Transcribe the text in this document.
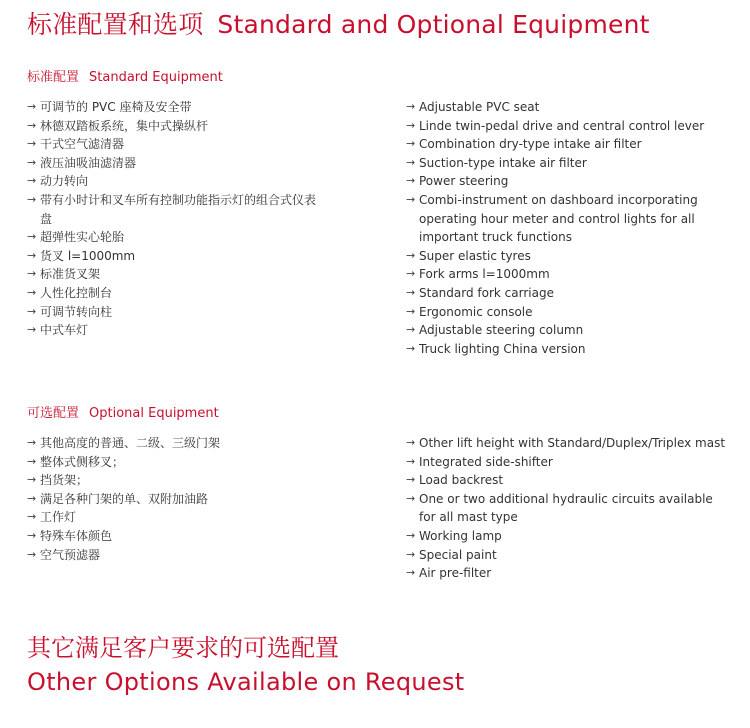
标准配置和选项 Standard and Optional Equipment
标准配置 Standard Equipment
→ 可调节的 PVC 座椅及安全带
→ 林德双踏板系统，集中式操纵杆
→ 干式空气滤清器
→ 液压油吸油滤清器
→ 动力转向
→ 带有小时计和叉车所有控制功能指示灯的组合式仪表盘
→ 超弹性实心轮胎
→ 货叉 l=1000mm
→ 标准货叉架
→ 人性化控制台
→ 可调节转向柱
→ 中式车灯
→ Adjustable PVC seat
→ Linde twin-pedal drive and central control lever
→ Combination dry-type intake air filter
→ Suction-type intake air filter
→ Power steering
→ Combi-instrument on dashboard incorporating operating hour meter and control lights for all important truck functions
→ Super elastic tyres
→ Fork arms l=1000mm
→ Standard fork carriage
→ Ergonomic console
→ Adjustable steering column
→ Truck lighting China version
可选配置 Optional Equipment
→ 其他高度的普通、二级、三级门架
→ 整体式侧移叉；
→ 挡货架；
→ 满足各种门架的单、双附加油路
→ 工作灯
→ 特殊车体颜色
→ 空气预滤器
→ Other lift height with Standard/Duplex/Triplex mast
→ Integrated side-shifter
→ Load backrest
→ One or two additional hydraulic circuits available for all mast type
→ Working lamp
→ Special paint
→ Air pre-filter

其它满足客户要求的可选配置

Other Options Available on Request
